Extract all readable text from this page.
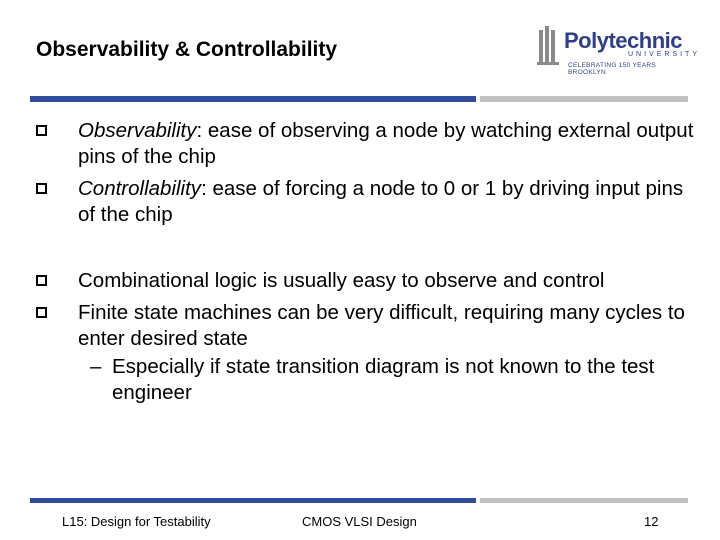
Observability & Controllability	Polytechnic
UNIVERSITY
CELEBRATING 150 YEARS BROOKLYN

Observability: ease of observing a node by watching external output pins of the chip

Controllability: ease of forcing a node to 0 or 1 by driving input pins of the chip

Combinational logic is usually easy to observe and control

Finite state machines can be very difficult, requiring many cycles to enter desired state

– Especially if state transition diagram is not known to the test engineer

L15: Design for Testability	CMOS VLSI Design	12
